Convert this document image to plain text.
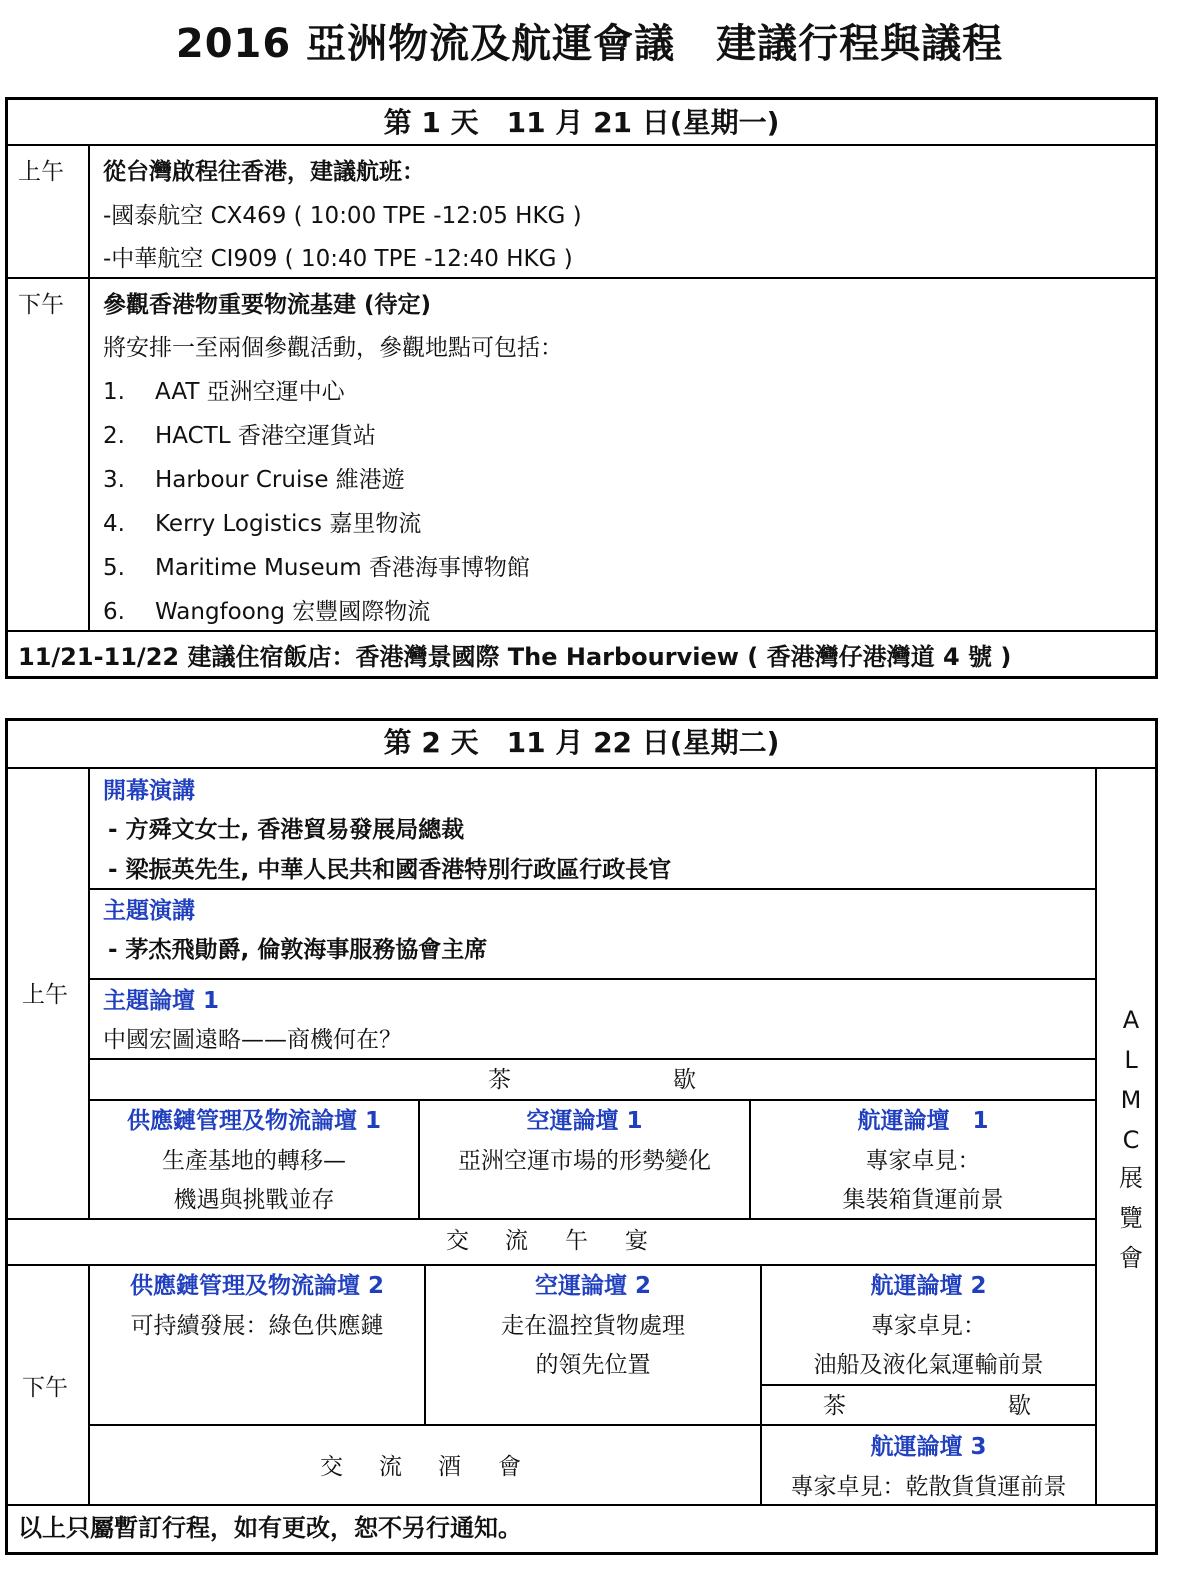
2016 亞洲物流及航運會議　建議行程與議程
第 1 天　11 月 21 日(星期一)
上午 從台灣啟程往香港，建議航班：
-國泰航空 CX469 ( 10:00 TPE -12:05 HKG )
-中華航空 CI909 ( 10:40 TPE -12:40 HKG )
下午 參觀香港物重要物流基建 (待定)
將安排一至兩個參觀活動，參觀地點可包括：
1. AAT 亞洲空運中心
2. HACTL 香港空運貨站
3. Harbour Cruise 維港遊
4. Kerry Logistics 嘉里物流
5. Maritime Museum 香港海事博物館
6. Wangfoong 宏豐國際物流
11/21-11/22 建議住宿飯店：香港灣景國際 The Harbourview ( 香港灣仔港灣道 4 號 )
第 2 天　11 月 22 日(星期二)
上午
下午
開幕演講
- 方舜文女士, 香港貿易發展局總裁
- 梁振英先生, 中華人民共和國香港特別行政區行政長官
主題演講
- 茅杰飛勛爵, 倫敦海事服務協會主席
主題論壇 1
中國宏圖遠略——商機何在？
茶	歇
供應鏈管理及物流論壇 1
生產基地的轉移—
機遇與挑戰並存
空運論壇 1
亞洲空運市場的形勢變化
航運論壇　1
專家卓見：
集裝箱貨運前景
交 流 午 宴
供應鏈管理及物流論壇 2
可持續發展：綠色供應鏈
空運論壇 2
走在溫控貨物處理
的領先位置
航運論壇 2
專家卓見：
油船及液化氣運輸前景
茶	歇
交 流 酒 會
航運論壇 3
專家卓見：乾散貨貨運前景
A
L
M
C
展
覽
會
以上只屬暫訂行程，如有更改，恕不另行通知。
